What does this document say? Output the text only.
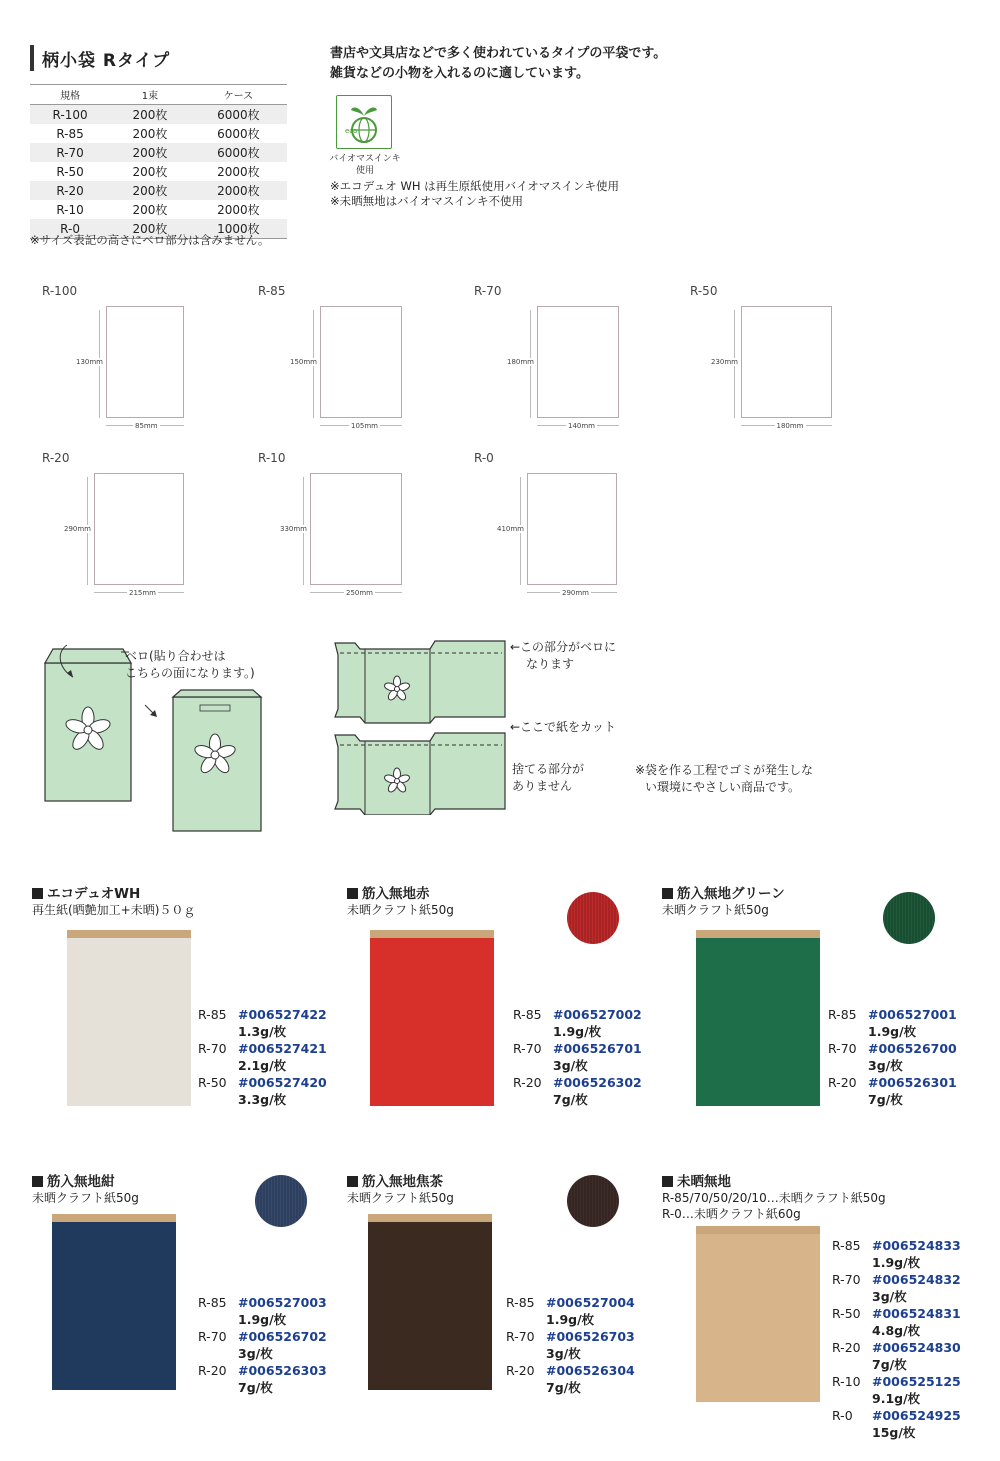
柄小袋 Rタイプ
規格	1束	ケース
R-100	200枚	6000枚
R-85	200枚	6000枚
R-70	200枚	6000枚
R-50	200枚	2000枚
R-20	200枚	2000枚
R-10	200枚	2000枚
R-0	200枚	1000枚
※サイズ表記の高さにベロ部分は含みません。
書店や文具店などで多く使われているタイプの平袋です。
雑貨などの小物を入れるのに適しています。
eco
バイオマスインキ
使用
※エコデュオ WH は再生原紙使用バイオマスインキ使用
※未晒無地はバイオマスインキ不使用
R-100
130mm
85mm
R-85
150mm
105mm
R-70
180mm
140mm
R-50
230mm
180mm
R-20
290mm
215mm
R-10
330mm
250mm
R-0
410mm
290mm
ベロ(貼り合わせは
こちらの面になります。)
←この部分がベロに
なります
←ここで紙をカット
捨てる部分が
ありません
※袋を作る工程でゴミが発生しな
い環境にやさしい商品です。
エコデュオWH
再生紙(晒艶加工+未晒)５０ｇ
R-85 #006527422
1.3g/枚
R-70 #006527421
2.1g/枚
R-50 #006527420
3.3g/枚
筋入無地赤
未晒クラフト紙50g
R-85 #006527002
1.9g/枚
R-70 #006526701
3g/枚
R-20 #006526302
7g/枚
筋入無地グリーン
未晒クラフト紙50g
R-85 #006527001
1.9g/枚
R-70 #006526700
3g/枚
R-20 #006526301
7g/枚
筋入無地紺
未晒クラフト紙50g
R-85 #006527003
1.9g/枚
R-70 #006526702
3g/枚
R-20 #006526303
7g/枚
筋入無地焦茶
未晒クラフト紙50g
R-85 #006527004
1.9g/枚
R-70 #006526703
3g/枚
R-20 #006526304
7g/枚
未晒無地
R-85/70/50/20/10…未晒クラフト紙50g
R-0…未晒クラフト紙60g
R-85 #006524833
1.9g/枚
R-70 #006524832
3g/枚
R-50 #006524831
4.8g/枚
R-20 #006524830
7g/枚
R-10 #006525125
9.1g/枚
R-0	#006524925
15g/枚
